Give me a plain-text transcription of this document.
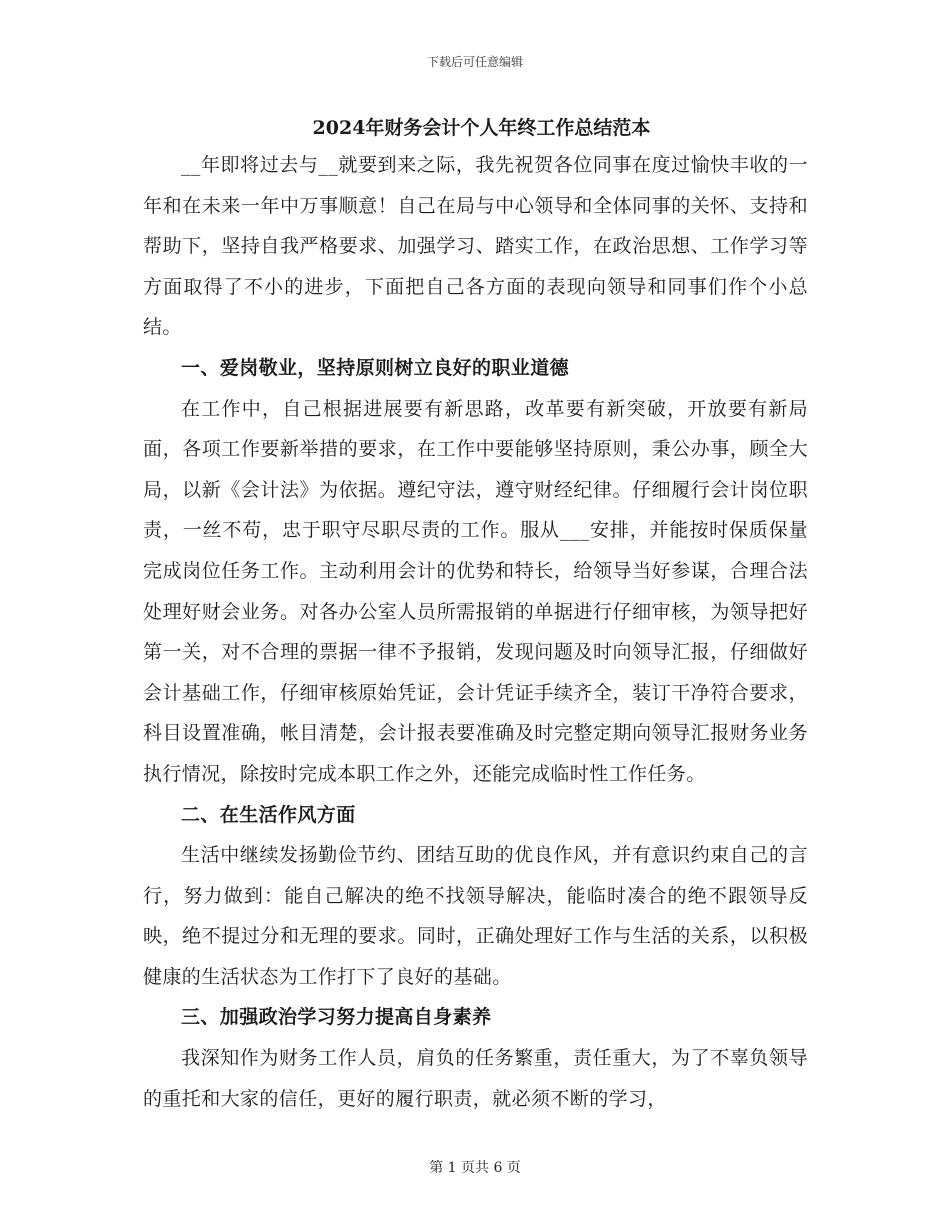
下载后可任意编辑
2024年财务会计个人年终工作总结范本

__年即将过去与__就要到来之际，我先祝贺各位同事在度过愉快丰收的一年和在未来一年中万事顺意！自己在局与中心领导和全体同事的关怀、支持和帮助下，坚持自我严格要求、加强学习、踏实工作，在政治思想、工作学习等方面取得了不小的进步，下面把自己各方面的表现向领导和同事们作个小总结。

一、爱岗敬业，坚持原则树立良好的职业道德

在工作中，自己根据进展要有新思路，改革要有新突破，开放要有新局面，各项工作要新举措的要求，在工作中要能够坚持原则，秉公办事，顾全大局，以新《会计法》为依据。遵纪守法，遵守财经纪律。仔细履行会计岗位职责，一丝不苟，忠于职守尽职尽责的工作。服从___安排，并能按时保质保量完成岗位任务工作。主动利用会计的优势和特长，给领导当好参谋，合理合法处理好财会业务。对各办公室人员所需报销的单据进行仔细审核，为领导把好第一关，对不合理的票据一律不予报销，发现问题及时向领导汇报，仔细做好会计基础工作，仔细审核原始凭证，会计凭证手续齐全，装订干净符合要求，科目设置准确，帐目清楚，会计报表要准确及时完整定期向领导汇报财务业务执行情况，除按时完成本职工作之外，还能完成临时性工作任务。

二、在生活作风方面

生活中继续发扬勤俭节约、团结互助的优良作风，并有意识约束自己的言行，努力做到：能自己解决的绝不找领导解决，能临时凑合的绝不跟领导反映，绝不提过分和无理的要求。同时，正确处理好工作与生活的关系，以积极健康的生活状态为工作打下了良好的基础。

三、加强政治学习努力提高自身素养

我深知作为财务工作人员，肩负的任务繁重，责任重大，为了不辜负领导的重托和大家的信任，更好的履行职责，就必须不断的学习，

第 1 页共 6 页
